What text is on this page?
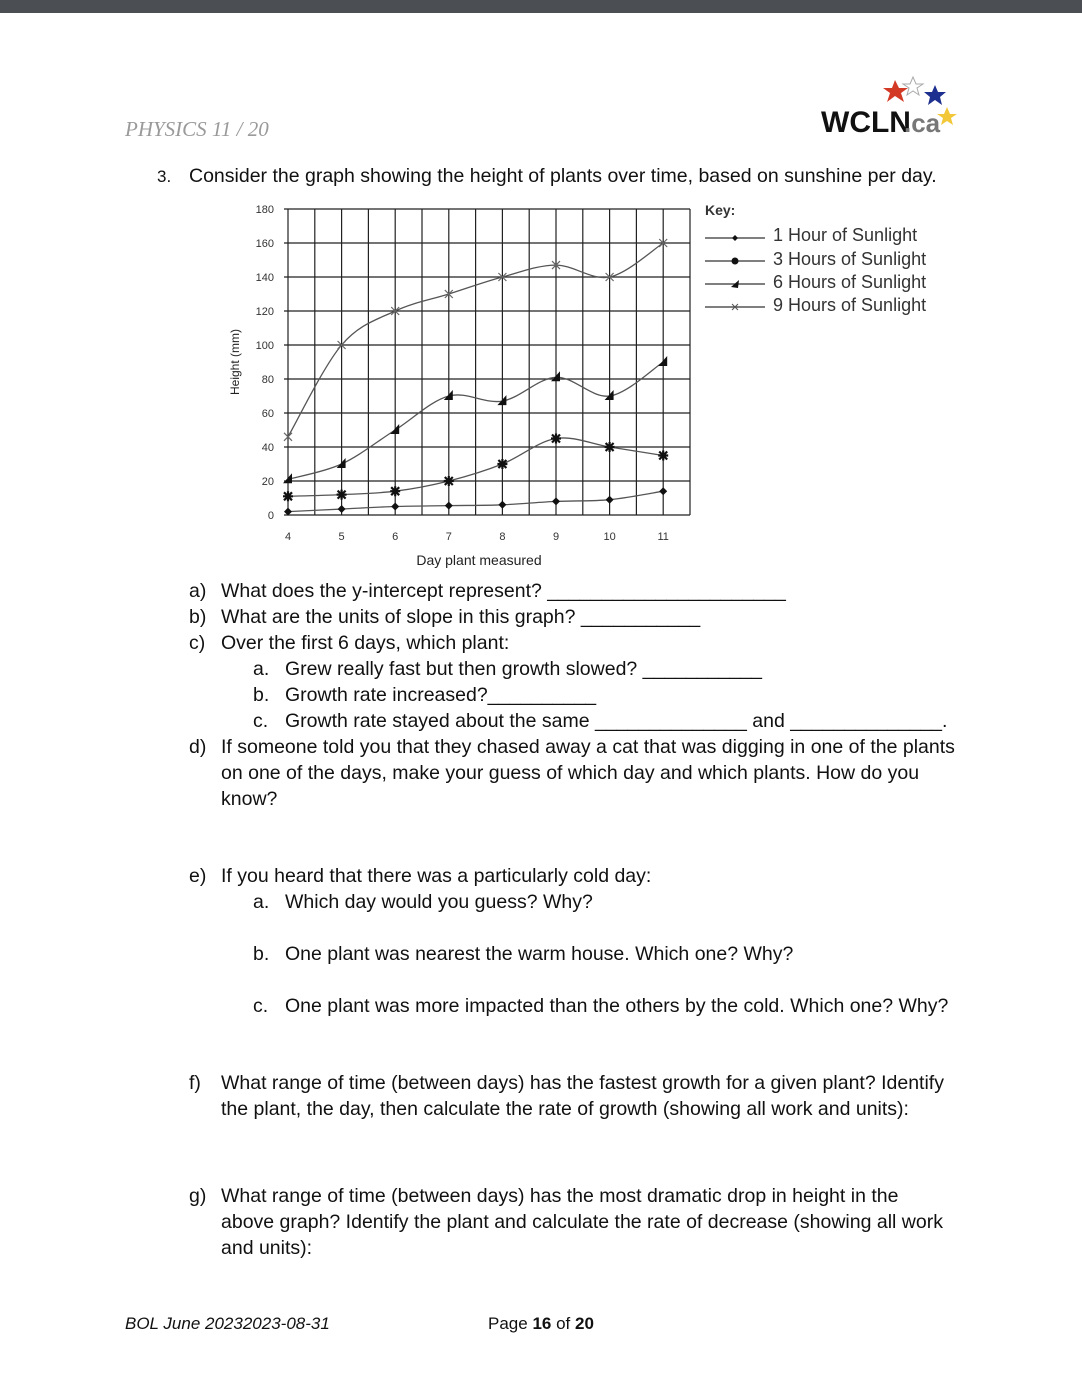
PHYSICS 11 / 20	WCLN
.ca
3. Consider the graph showing the height of plants over time, based on sunshine per day.
0
20
40
60
80
100
120
140
160
180
4	5	6	7	8	9	10	11
Day plant measured
Height (mm)
Key:
1 Hour of Sunlight
3 Hours of Sunlight
6 Hours of Sunlight
9 Hours of Sunlight
a) What does the y-intercept represent? ______________________
b) What are the units of slope in this graph? ___________
c) Over the first 6 days, which plant:
a. Grew really fast but then growth slowed? ___________
b. Growth rate increased?__________
c. Growth rate stayed about the same ______________ and ______________.
d) If someone told you that they chased away a cat that was digging in one of the plants
on one of the days, make your guess of which day and which plants. How do you
know?
e) If you heard that there was a particularly cold day:
a. Which day would you guess? Why?
b. One plant was nearest the warm house. Which one? Why?
c. One plant was more impacted than the others by the cold. Which one? Why?
f) What range of time (between days) has the fastest growth for a given plant? Identify
the plant, the day, then calculate the rate of growth (showing all work and units):
g) What range of time (between days) has the most dramatic drop in height in the
above graph? Identify the plant and calculate the rate of decrease (showing all work
and units):
BOL June 20232023-08-31	Page 16 of 20
